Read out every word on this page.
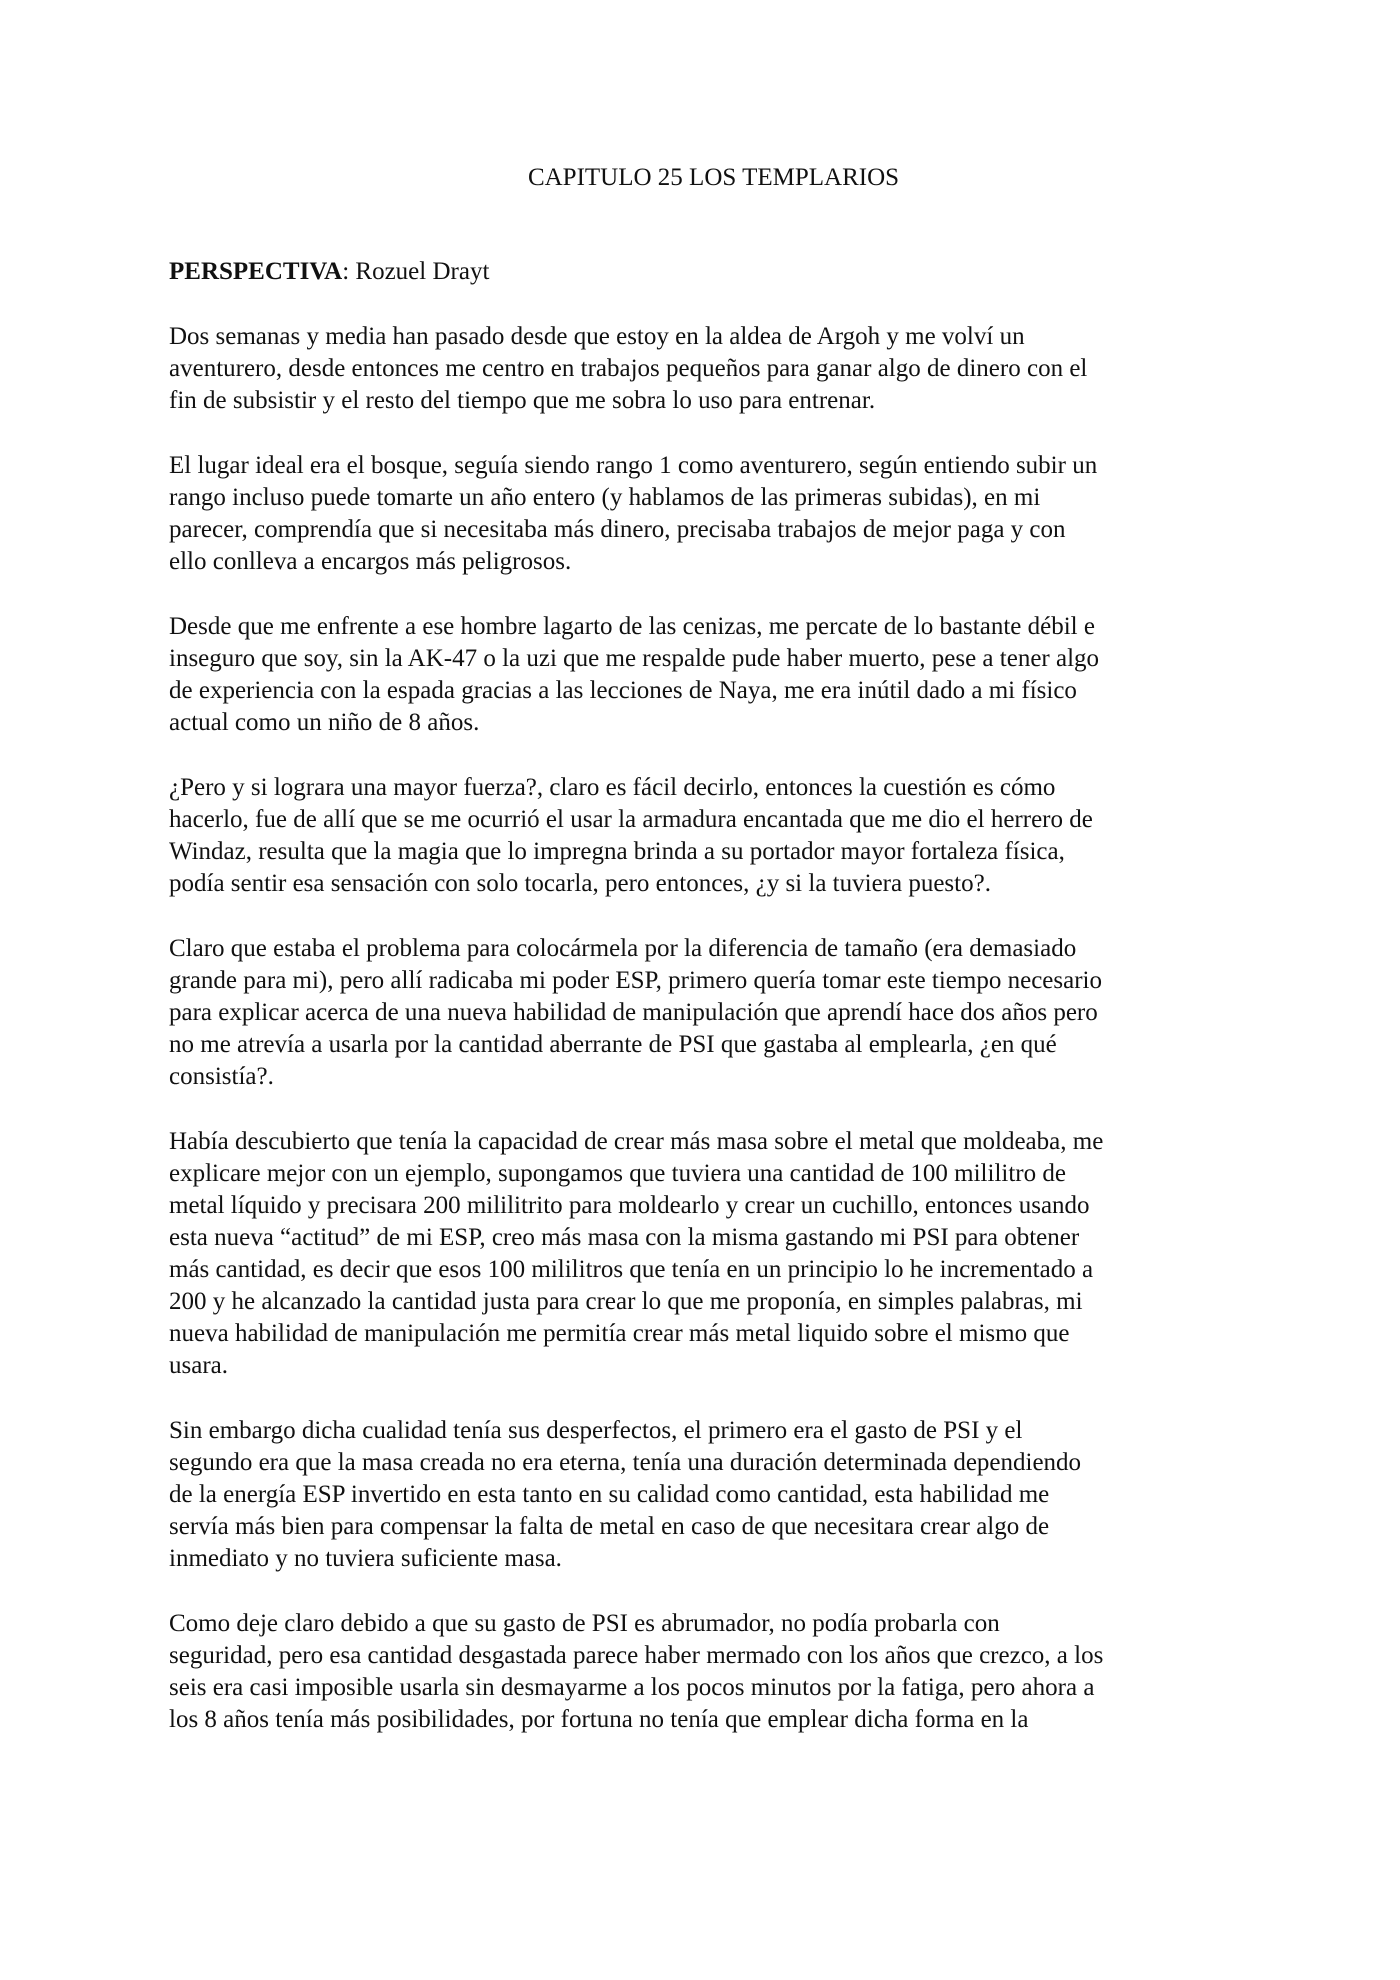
CAPITULO 25 LOS TEMPLARIOS
PERSPECTIVA: Rozuel Drayt
Dos semanas y media han pasado desde que estoy en la aldea de Argoh y me volví un
aventurero, desde entonces me centro en trabajos pequeños para ganar algo de dinero con el
fin de subsistir y el resto del tiempo que me sobra lo uso para entrenar.
El lugar ideal era el bosque, seguía siendo rango 1 como aventurero, según entiendo subir un
rango incluso puede tomarte un año entero (y hablamos de las primeras subidas), en mi
parecer, comprendía que si necesitaba más dinero, precisaba trabajos de mejor paga y con
ello conlleva a encargos más peligrosos.
Desde que me enfrente a ese hombre lagarto de las cenizas, me percate de lo bastante débil e
inseguro que soy, sin la AK-47 o la uzi que me respalde pude haber muerto, pese a tener algo
de experiencia con la espada gracias a las lecciones de Naya, me era inútil dado a mi físico
actual como un niño de 8 años.
¿Pero y si lograra una mayor fuerza?, claro es fácil decirlo, entonces la cuestión es cómo
hacerlo, fue de allí que se me ocurrió el usar la armadura encantada que me dio el herrero de
Windaz, resulta que la magia que lo impregna brinda a su portador mayor fortaleza física,
podía sentir esa sensación con solo tocarla, pero entonces, ¿y si la tuviera puesto?.
Claro que estaba el problema para colocármela por la diferencia de tamaño (era demasiado
grande para mi), pero allí radicaba mi poder ESP, primero quería tomar este tiempo necesario
para explicar acerca de una nueva habilidad de manipulación que aprendí hace dos años pero
no me atrevía a usarla por la cantidad aberrante de PSI que gastaba al emplearla, ¿en qué
consistía?.
Había descubierto que tenía la capacidad de crear más masa sobre el metal que moldeaba, me
explicare mejor con un ejemplo, supongamos que tuviera una cantidad de 100 mililitro de
metal líquido y precisara 200 mililitrito para moldearlo y crear un cuchillo, entonces usando
esta nueva “actitud” de mi ESP, creo más masa con la misma gastando mi PSI para obtener
más cantidad, es decir que esos 100 mililitros que tenía en un principio lo he incrementado a
200 y he alcanzado la cantidad justa para crear lo que me proponía, en simples palabras, mi
nueva habilidad de manipulación me permitía crear más metal liquido sobre el mismo que
usara.
Sin embargo dicha cualidad tenía sus desperfectos, el primero era el gasto de PSI y el
segundo era que la masa creada no era eterna, tenía una duración determinada dependiendo
de la energía ESP invertido en esta tanto en su calidad como cantidad, esta habilidad me
servía más bien para compensar la falta de metal en caso de que necesitara crear algo de
inmediato y no tuviera suficiente masa.
Como deje claro debido a que su gasto de PSI es abrumador, no podía probarla con
seguridad, pero esa cantidad desgastada parece haber mermado con los años que crezco, a los
seis era casi imposible usarla sin desmayarme a los pocos minutos por la fatiga, pero ahora a
los 8 años tenía más posibilidades, por fortuna no tenía que emplear dicha forma en la
